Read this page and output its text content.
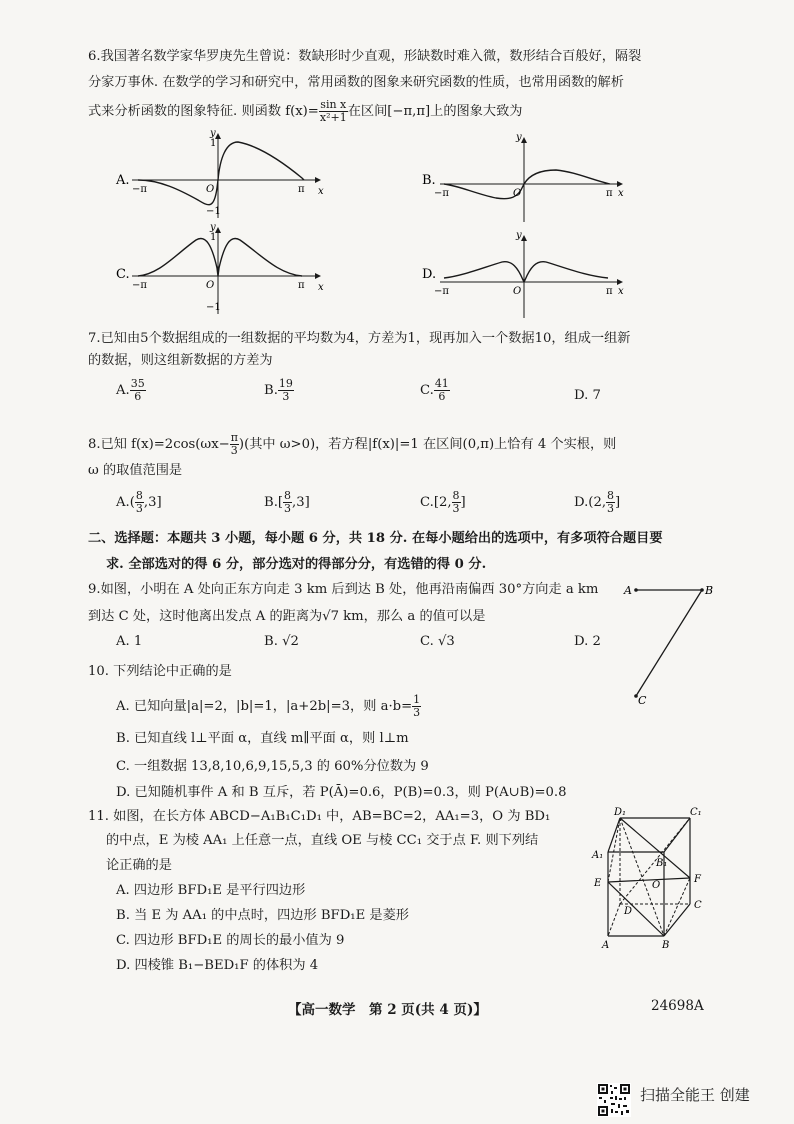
6.我国著名数学家华罗庚先生曾说：数缺形时少直观，形缺数时难入微，数形结合百般好，隔裂
分家万事休. 在数学的学习和研究中，常用函数的图象来研究函数的性质，也常用函数的解析
式来分析函数的图象特征. 则函数 $f(x)= \frac{\text{sin x}}{\text{x²+1}}$ 在区间[−π,π]上的图象大致为
A.
x
y
O
−π	π
1
−1
B.
x
y
O
−π	π
C.
x
y
O
−π	π
1
−1
D.
x
y
O
−π	π
7.已知由5个数据组成的一组数据的平均数为4，方差为1，现再加入一个数据10，组成一组新
的数据，则这组新数据的方差为
A. $\frac{35}{6}$	B. $\frac{19}{3}$	C. $\frac{41}{6}$	D. 7
8.已知 $f(x)=2\cos(\omega x- \frac{\pi}{3}$ )(其中 ω>0)，若方程|f(x)|=1 在区间(0,π)上恰有 4 个实根，则
ω 的取值范围是
$A.( \frac{8}{3} ,3]$	$B.[ \frac{8}{3} ,3]$	C.[2, $\frac{8}{3}$ ]	D.(2, $\frac{8}{3}$ ]
二、选择题：本题共 3 小题，每小题 6 分，共 18 分. 在每小题给出的选项中，有多项符合题目要
求. 全部选对的得 6 分，部分选对的得部分分，有选错的得 0 分.
9.如图，小明在 A 处向正东方向走 3 km 后到达 B 处，他再沿南偏西 30°方向走 a km
到达 C 处，这时他离出发点 A 的距离为√7 km，那么 a 的值可以是
A. 1	B. √2	C. √3	D. 2
A	B
C
10. 下列结论中正确的是
A. 已知向量|a|=2，|b|=1，|a+2b|=3，则 $a\cdot b= \frac{1}{3}$
B. 已知直线 l⊥平面 α，直线 m∥平面 α，则 l⊥m
C. 一组数据 13,8,10,6,9,15,5,3 的 60%分位数为 9
D. 已知随机事件 A 和 B 互斥，若 P(Ā)=0.6，P(B)=0.3，则 P(A∪B)=0.8
11. 如图，在长方体 ABCD−A₁B₁C₁D₁ 中，AB=BC=2，AA₁=3，O 为 BD₁
的中点，E 为棱 AA₁ 上任意一点，直线 OE 与棱 CC₁ 交于点 F. 则下列结
论正确的是
A. 四边形 BFD₁E 是平行四边形
B. 当 E 为 AA₁ 的中点时，四边形 BFD₁E 是菱形
C. 四边形 BFD₁E 的周长的最小值为 9
D. 四棱锥 B₁−BED₁F 的体积为 4
D₁	C₁
A₁
B₁
E	F
O
D
C
A	B
【高一数学　第 2 页(共 4 页)】	24698A
扫描全能王 创建
